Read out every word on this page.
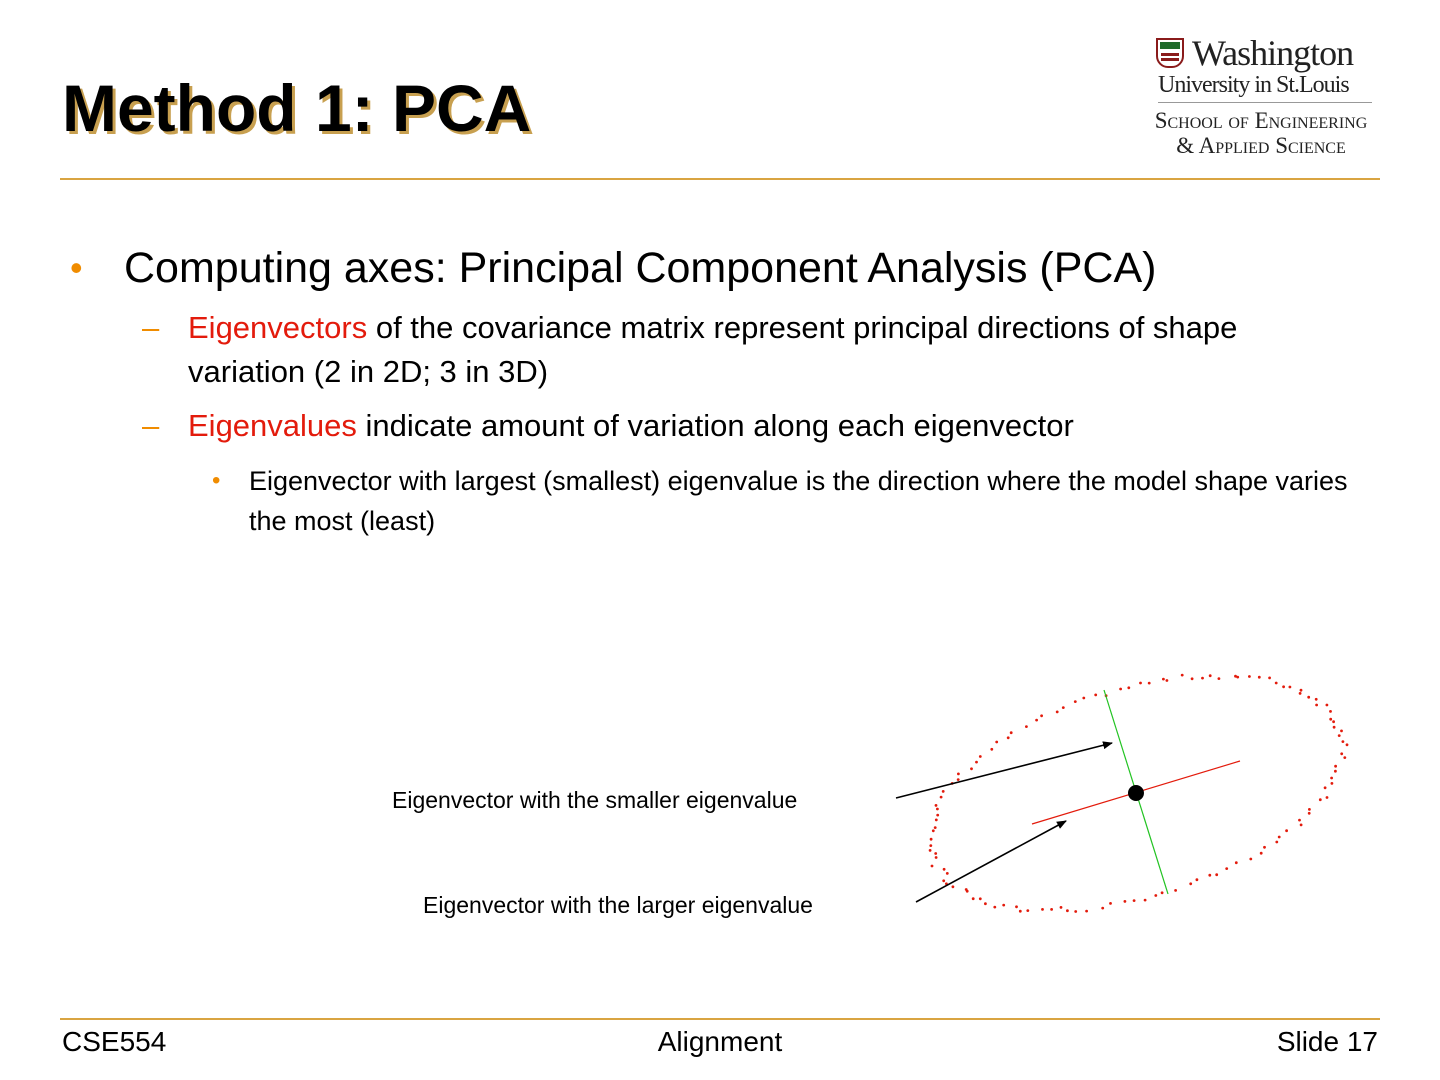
Method 1: PCA
Washington
University in St.Louis
School of Engineering
& Applied Science
• Computing axes: Principal Component Analysis (PCA)
– Eigenvectors of the covariance matrix represent principal directions of shape variation (2 in 2D; 3 in 3D)
– Eigenvalues indicate amount of variation along each eigenvector
• Eigenvector with largest (smallest) eigenvalue is the direction where the model shape varies the most (least)
Eigenvector with the smaller eigenvalue
Eigenvector with the larger eigenvalue
CSE554	Alignment	Slide 17
